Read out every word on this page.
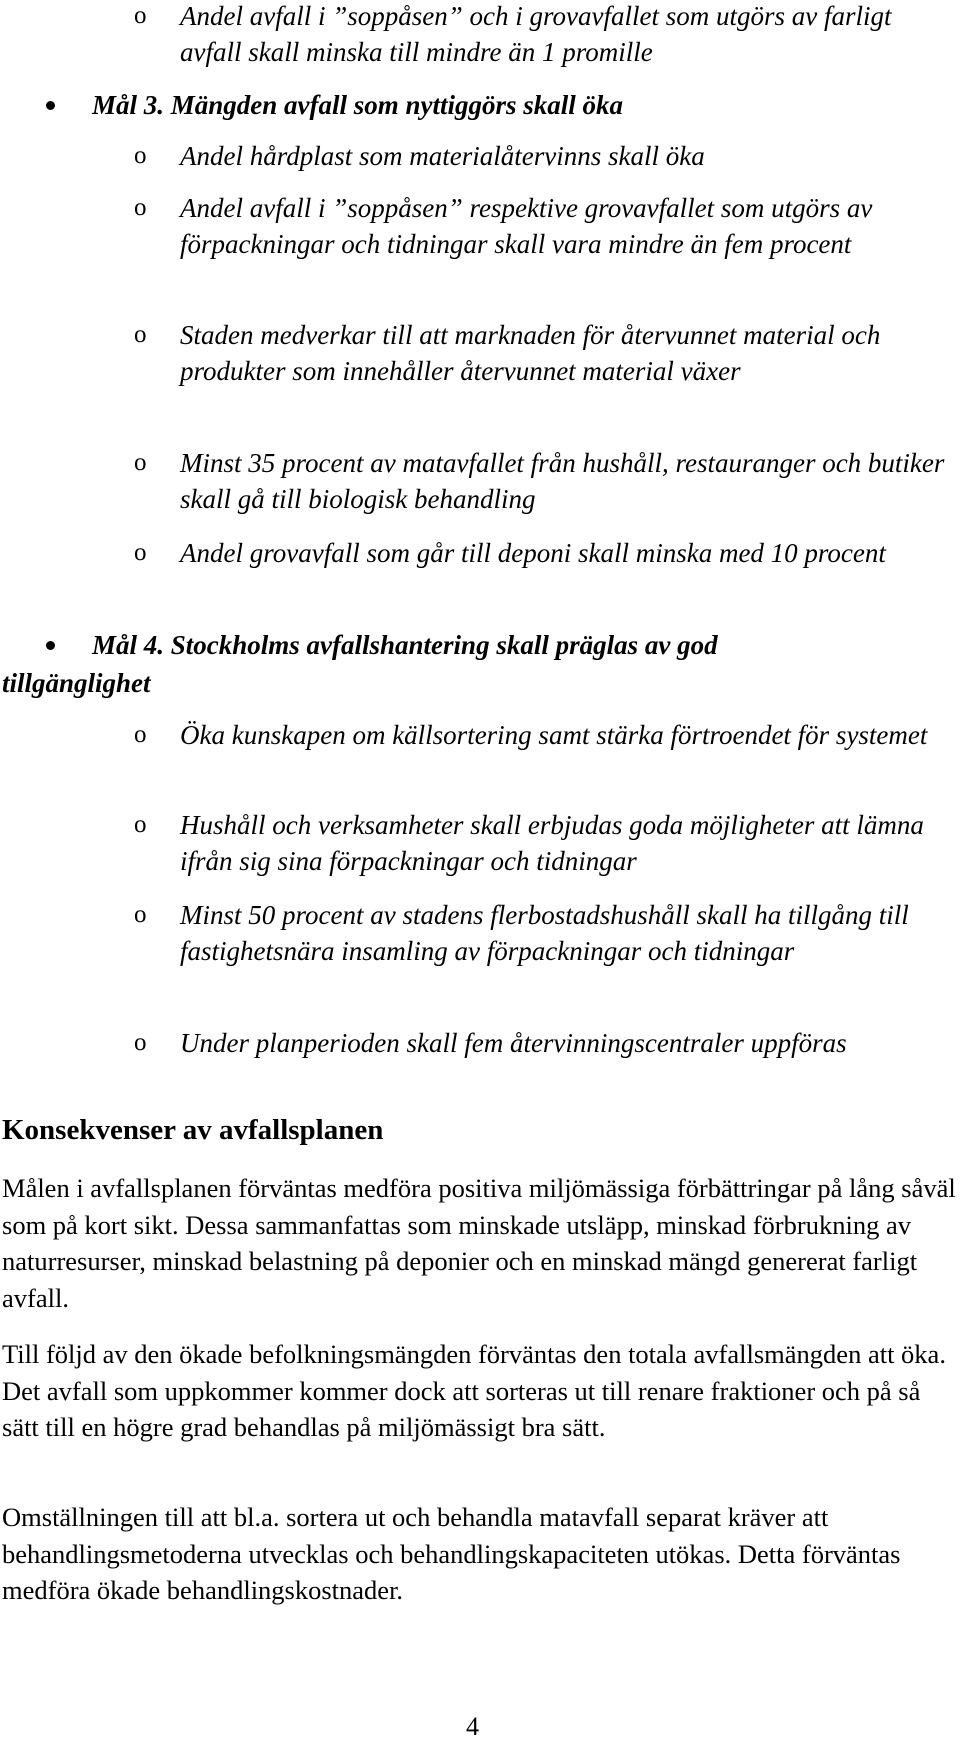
o Andel avfall i ”soppåsen” och i grovavfallet som utgörs av farligt avfall skall minska till mindre än 1 promille
Mål 3. Mängden avfall som nyttiggörs skall öka
o Andel hårdplast som materialåtervinns skall öka
o Andel avfall i ”soppåsen” respektive grovavfallet som utgörs av förpackningar och tidningar skall vara mindre än fem procent
o Staden medverkar till att marknaden för återvunnet material och produkter som innehåller återvunnet material växer
o Minst 35 procent av matavfallet från hushåll, restauranger och butiker skall gå till biologisk behandling
o Andel grovavfall som går till deponi skall minska med 10 procent
Mål 4. Stockholms avfallshantering skall präglas av god
tillgänglighet
o Öka kunskapen om källsortering samt stärka förtroendet för systemet
o Hushåll och verksamheter skall erbjudas goda möjligheter att lämna ifrån sig sina förpackningar och tidningar
o Minst 50 procent av stadens flerbostadshushåll skall ha tillgång till fastighetsnära insamling av förpackningar och tidningar
o Under planperioden skall fem återvinningscentraler uppföras
Konsekvenser av avfallsplanen
Målen i avfallsplanen förväntas medföra positiva miljömässiga förbättringar på lång såväl som på kort sikt. Dessa sammanfattas som minskade utsläpp, minskad förbrukning av naturresurser, minskad belastning på deponier och en minskad mängd genererat farligt avfall.
Till följd av den ökade befolkningsmängden förväntas den totala avfallsmängden att öka. Det avfall som uppkommer kommer dock att sorteras ut till renare fraktioner och på så sätt till en högre grad behandlas på miljömässigt bra sätt.
Omställningen till att bl.a. sortera ut och behandla matavfall separat kräver att behandlingsmetoderna utvecklas och behandlingskapaciteten utökas. Detta förväntas medföra ökade behandlingskostnader.
4
